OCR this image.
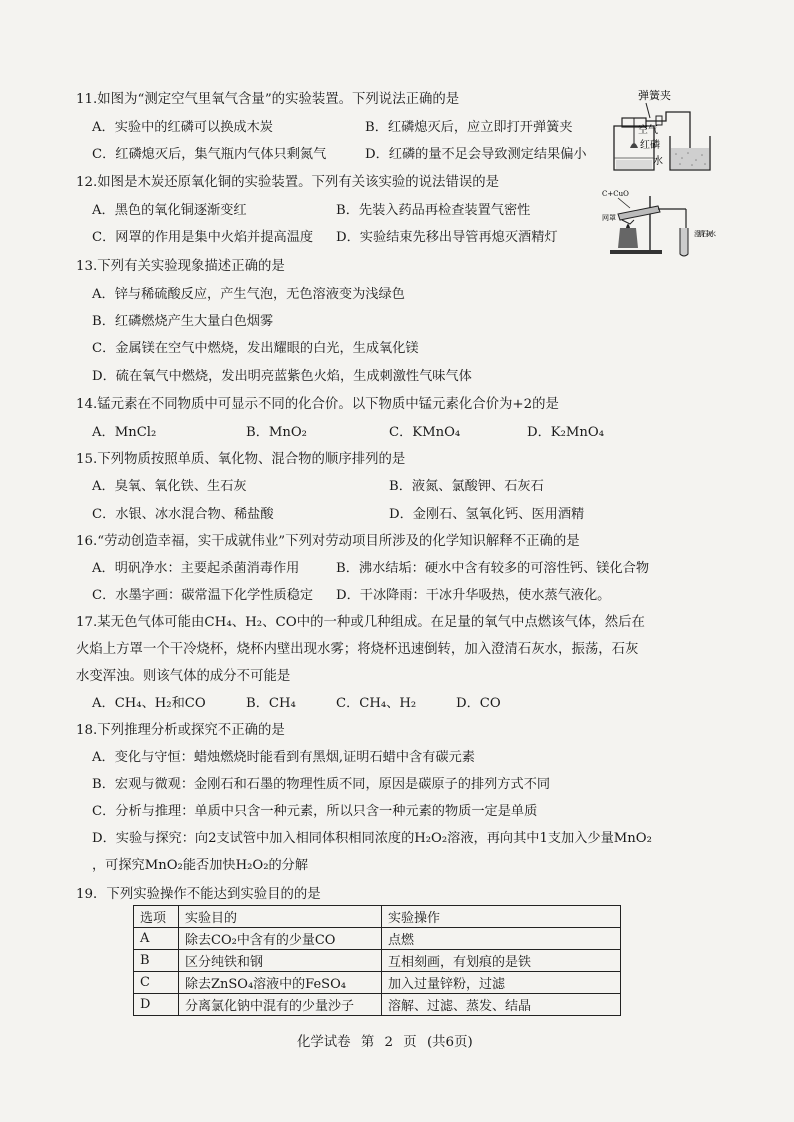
11.如图为“测定空气里氧气含量”的实验装置。下列说法正确的是
A．实验中的红磷可以换成木炭	B．红磷熄灭后，应立即打开弹簧夹
C．红磷熄灭后，集气瓶内气体只剩氮气	D．红磷的量不足会导致测定结果偏小
弹簧夹
空气
红磷
水
12.如图是木炭还原氧化铜的实验装置。下列有关该实验的说法错误的是
A．黑色的氧化铜逐渐变红	B．先装入药品再检查装置气密性
C．网罩的作用是集中火焰并提高温度 D．实验结束先移出导管再熄灭酒精灯
C+CuO
网罩
澄清石灰水
13.下列有关实验现象描述正确的是
A．锌与稀硫酸反应，产生气泡，无色溶液变为浅绿色
B．红磷燃烧产生大量白色烟雾
C．金属镁在空气中燃烧，发出耀眼的白光，生成氧化镁
D．硫在氧气中燃烧，发出明亮蓝紫色火焰，生成刺激性气味气体
14.锰元素在不同物质中可显示不同的化合价。以下物质中锰元素化合价为+2的是
A．MnCl₂	B．MnO₂	C．KMnO₄	D．K₂MnO₄
15.下列物质按照单质、氧化物、混合物的顺序排列的是
A．臭氧、氧化铁、生石灰	B．液氮、氯酸钾、石灰石
C．水银、冰水混合物、稀盐酸	D．金刚石、氢氧化钙、医用酒精
16.“劳动创造幸福，实干成就伟业”下列对劳动项目所涉及的化学知识解释不正确的是
A．明矾净水：主要起杀菌消毒作用	B．沸水结垢：硬水中含有较多的可溶性钙、镁化合物
C．水墨字画：碳常温下化学性质稳定 D．干冰降雨：干冰升华吸热，使水蒸气液化。
17.某无色气体可能由CH₄、H₂、CO中的一种或几种组成。在足量的氧气中点燃该气体，然后在
火焰上方罩一个干冷烧杯，烧杯内壁出现水雾；将烧杯迅速倒转，加入澄清石灰水，振荡，石灰
水变浑浊。则该气体的成分不可能是
A．CH₄、H₂和CO	B．CH₄	C．CH₄、H₂	D．CO
18.下列推理分析或探究不正确的是
A．变化与守恒：蜡烛燃烧时能看到有黑烟,证明石蜡中含有碳元素
B．宏观与微观：金刚石和石墨的物理性质不同，原因是碳原子的排列方式不同
C．分析与推理：单质中只含一种元素，所以只含一种元素的物质一定是单质
D．实验与探究：向2支试管中加入相同体积相同浓度的H₂O₂溶液，再向其中1支加入少量MnO₂
，可探究MnO₂能否加快H₂O₂的分解
19．下列实验操作不能达到实验目的的是
选项	实验目的	实验操作
A	除去CO₂中含有的少量CO	点燃
B	区分纯铁和钢	互相刻画，有划痕的是铁
C	除去ZnSO₄溶液中的FeSO₄	加入过量锌粉，过滤
D	分离氯化钠中混有的少量沙子	溶解、过滤、蒸发、结晶
化学试卷 第 2 页 (共6页)
